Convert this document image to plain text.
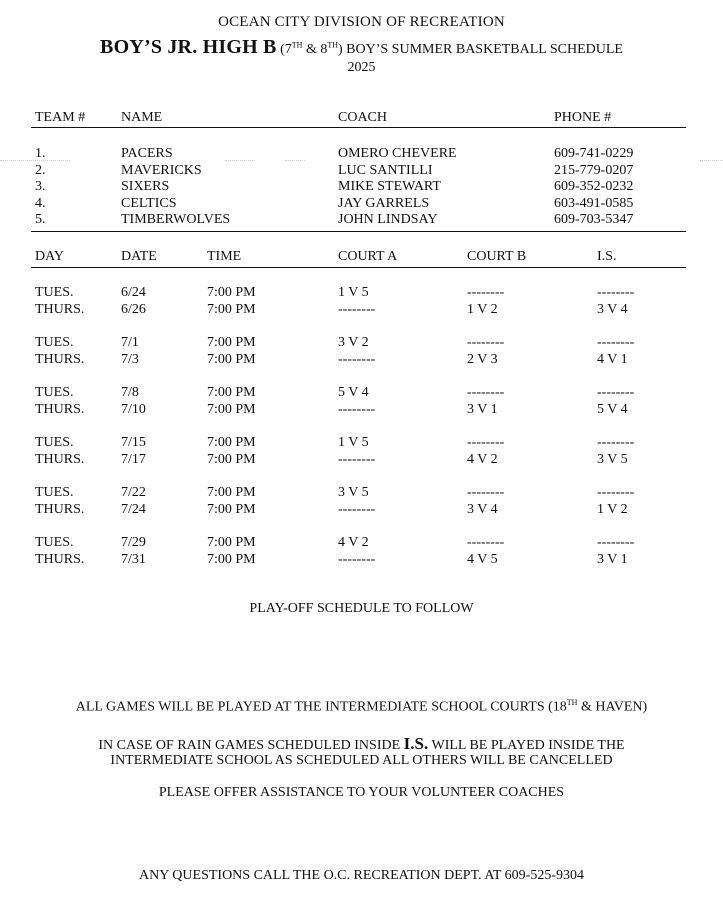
OCEAN CITY DIVISION OF RECREATION
BOY’S JR. HIGH B (7TH & 8TH) BOY’S SUMMER BASKETBALL SCHEDULE
2025
TEAM #	NAME	COACH	PHONE #
1.	PACERS	OMERO CHEVERE	609-741-0229
2.	MAVERICKS	LUC SANTILLI	215-779-0207
3.	SIXERS	MIKE STEWART	609-352-0232
4.	CELTICS	JAY GARRELS	603-491-0585
5.	TIMBERWOLVES	JOHN LINDSAY	609-703-5347
DAY	DATE	TIME	COURT A	COURT B	I.S.
TUES.	6/24	7:00 PM	1 V 5	--------	--------
THURS.	6/26	7:00 PM	--------	1 V 2	3 V 4
TUES.	7/1	7:00 PM	3 V 2	--------	--------
THURS.	7/3	7:00 PM	--------	2 V 3	4 V 1
TUES.	7/8	7:00 PM	5 V 4	--------	--------
THURS.	7/10	7:00 PM	--------	3 V 1	5 V 4
TUES.	7/15	7:00 PM	1 V 5	--------	--------
THURS.	7/17	7:00 PM	--------	4 V 2	3 V 5
TUES.	7/22	7:00 PM	3 V 5	--------	--------
THURS.	7/24	7:00 PM	--------	3 V 4	1 V 2
TUES.	7/29	7:00 PM	4 V 2	--------	--------
THURS.	7/31	7:00 PM	--------	4 V 5	3 V 1
PLAY-OFF SCHEDULE TO FOLLOW
ALL GAMES WILL BE PLAYED AT THE INTERMEDIATE SCHOOL COURTS (18TH & HAVEN)
IN CASE OF RAIN GAMES SCHEDULED INSIDE I.S. WILL BE PLAYED INSIDE THE
INTERMEDIATE SCHOOL AS SCHEDULED ALL OTHERS WILL BE CANCELLED
PLEASE OFFER ASSISTANCE TO YOUR VOLUNTEER COACHES
ANY QUESTIONS CALL THE O.C. RECREATION DEPT. AT 609-525-9304
